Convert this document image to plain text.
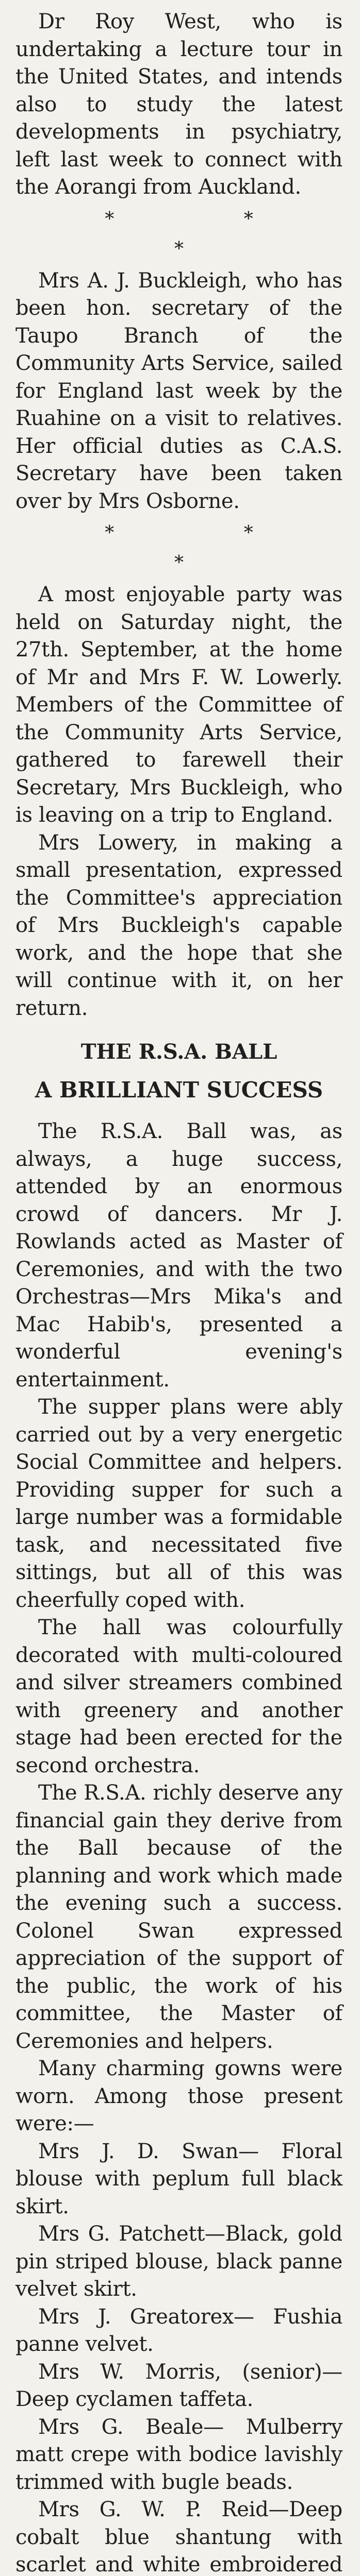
Dr Roy West, who is undertaking a lecture tour in the United States, and intends also to study the latest developments in psychiatry, left last week to connect with the Aorangi from Auckland.

* * *

Mrs A. J. Buckleigh, who has been hon. secretary of the Taupo Branch of the Community Arts Service, sailed for England last week by the Ruahine on a visit to relatives. Her official duties as C.A.S. Secretary have been taken over by Mrs Osborne.

* * *

A most enjoyable party was held on Saturday night, the 27th. September, at the home of Mr and Mrs F. W. Lowerly. Members of the Committee of the Community Arts Service, gathered to farewell their Secretary, Mrs Buckleigh, who is leaving on a trip to England.

Mrs Lowery, in making a small presentation, expressed the Committee's appreciation of Mrs Buckleigh's capable work, and the hope that she will continue with it, on her return.

THE R.S.A. BALL
A BRILLIANT SUCCESS

The R.S.A. Ball was, as always, a huge success, attended by an enormous crowd of dancers. Mr J. Rowlands acted as Master of Ceremonies, and with the two Orchestras—Mrs Mika's and Mac Habib's, presented a wonderful evening's entertainment.

The supper plans were ably carried out by a very energetic Social Committee and helpers. Providing supper for such a large number was a formidable task, and necessitated five sittings, but all of this was cheerfully coped with.

The hall was colourfully decorated with multi-coloured and silver streamers combined with greenery and another stage had been erected for the second orchestra.

The R.S.A. richly deserve any financial gain they derive from the Ball because of the planning and work which made the evening such a success. Colonel Swan expressed appreciation of the support of the public, the work of his committee, the Master of Ceremonies and helpers.

Many charming gowns were worn. Among those present were:—

Mrs J. D. Swan— Floral blouse with peplum full black skirt.

Mrs G. Patchett—Black, gold pin striped blouse, black panne velvet skirt.

Mrs J. Greatorex— Fushia panne velvet.

Mrs W. Morris, (senior)— Deep cyclamen taffeta.

Mrs G. Beale— Mulberry matt crepe with bodice lavishly trimmed with bugle beads.

Mrs G. W. P. Reid—Deep cobalt blue shantung with scarlet and white embroidered
